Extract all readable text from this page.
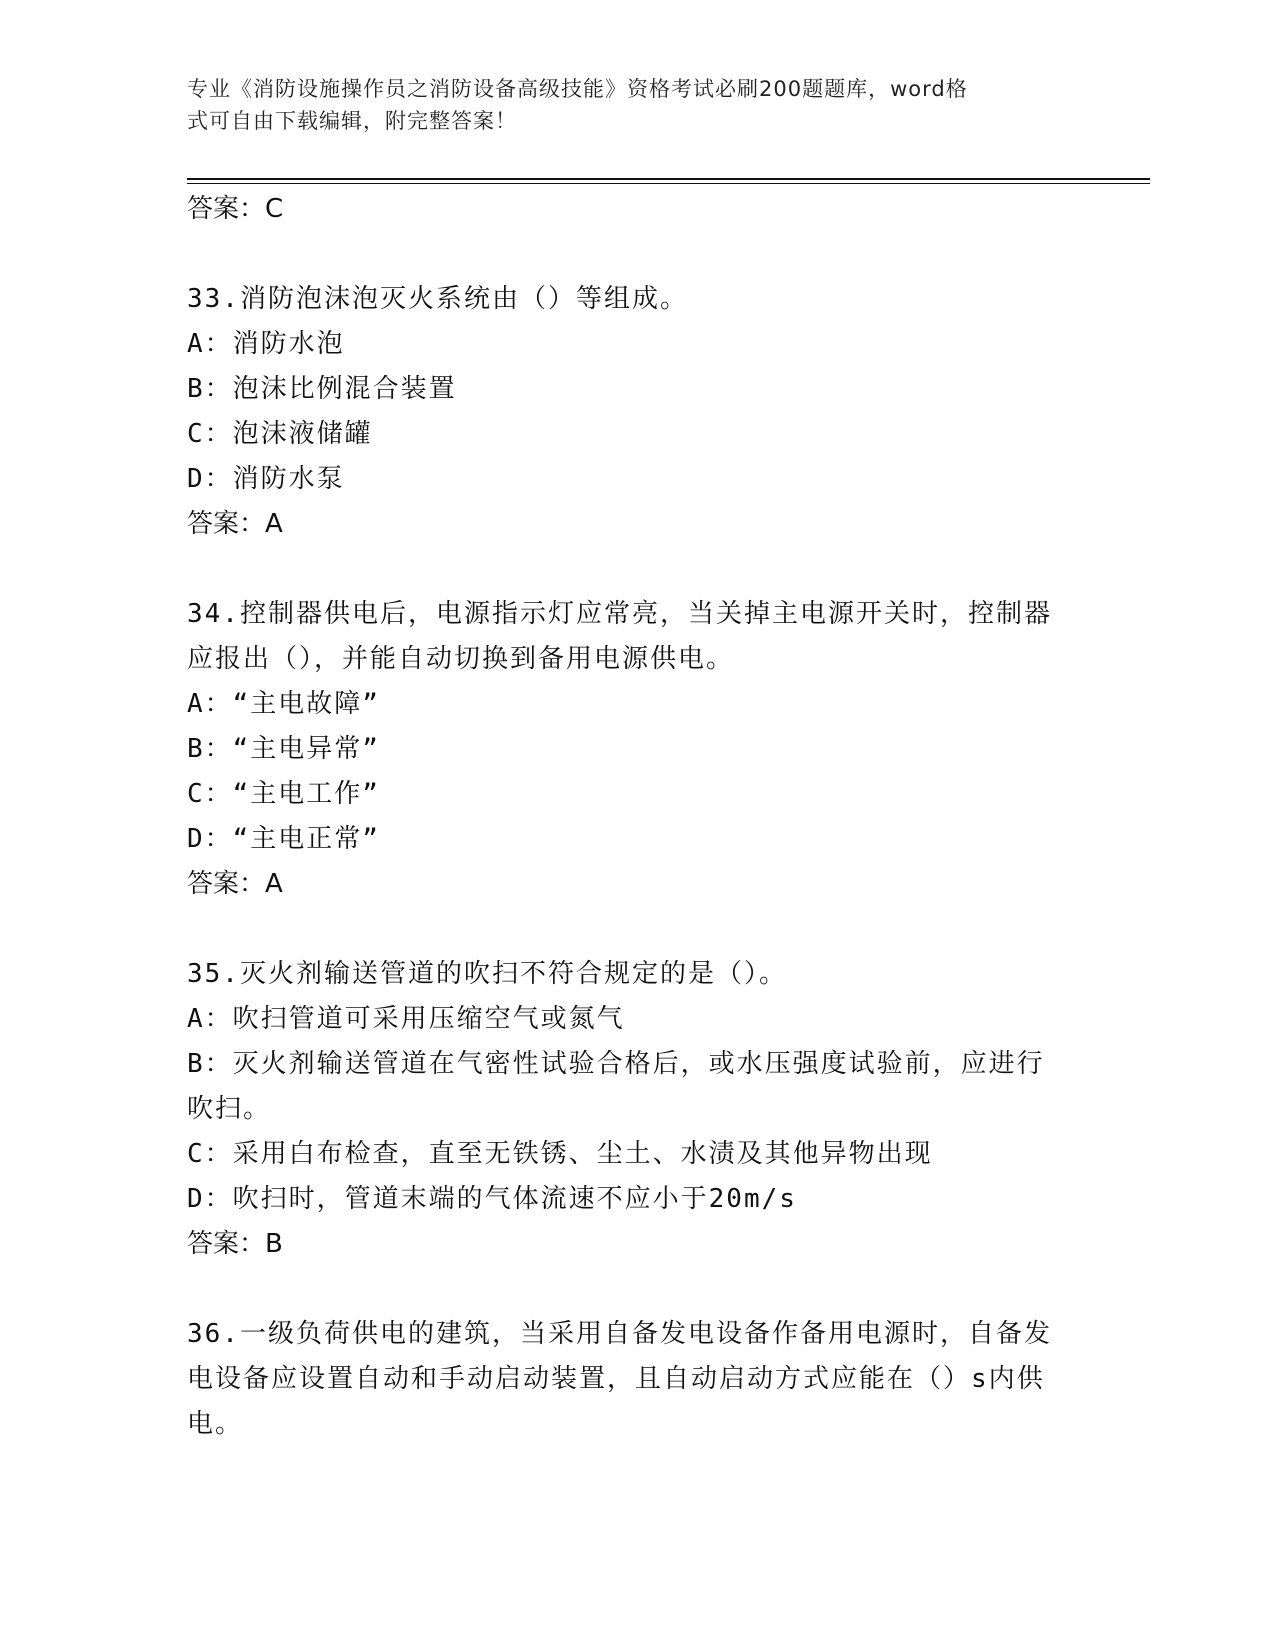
专业《消防设施操作员之消防设备高级技能》资格考试必刷200题题库，word格
式可自由下载编辑，附完整答案！

答案：C

33.消防泡沫泡灭火系统由（）等组成。

A：消防水泡

B：泡沫比例混合装置

C：泡沫液储罐

D：消防水泵

答案：A

34.控制器供电后，电源指示灯应常亮，当关掉主电源开关时，控制器

应报出（），并能自动切换到备用电源供电。

A：“主电故障”

B：“主电异常”

C：“主电工作”

D：“主电正常”

答案：A

35.灭火剂输送管道的吹扫不符合规定的是（）。

A：吹扫管道可采用压缩空气或氮气

B：灭火剂输送管道在气密性试验合格后，或水压强度试验前，应进行

吹扫。

C：采用白布检查，直至无铁锈、尘土、水渍及其他异物出现

D：吹扫时，管道末端的气体流速不应小于20m/s

答案：B

36.一级负荷供电的建筑，当采用自备发电设备作备用电源时，自备发

电设备应设置自动和手动启动装置，且自动启动方式应能在（）s内供

电。
